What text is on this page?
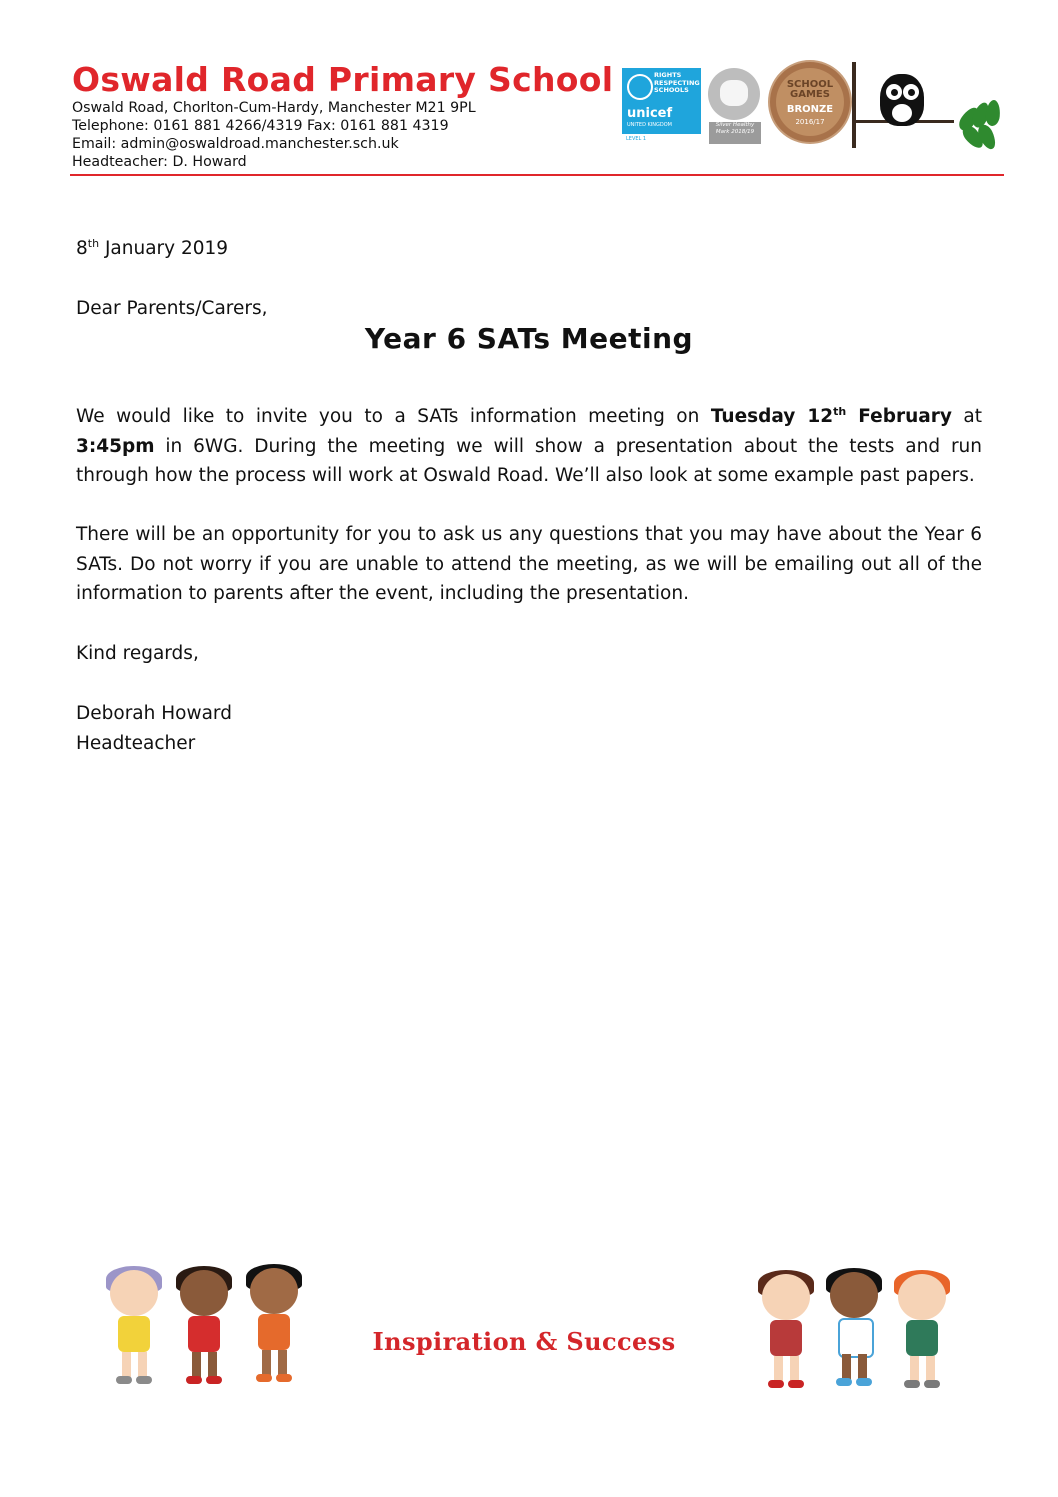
Oswald Road Primary School
Oswald Road, Chorlton-Cum-Hardy, Manchester M21 9PL
Telephone: 0161 881 4266/4319 Fax: 0161 881 4319
Email: admin@oswaldroad.manchester.sch.uk
Headteacher: D. Howard
RIGHTS RESPECTING SCHOOLS
unicef
UNITED KINGDOM
LEVEL 1
Silver Healthy Mark 2018/19
SCHOOL GAMES
BRONZE
2016/17
8th January 2019
Dear Parents/Carers,
Year 6 SATs Meeting
We would like to invite you to a SATs information meeting on Tuesday 12th February at 3:45pm in 6WG. During the meeting we will show a presentation about the tests and run through how the process will work at Oswald Road. We’ll also look at some example past papers.
There will be an opportunity for you to ask us any questions that you may have about the Year 6 SATs. Do not worry if you are unable to attend the meeting, as we will be emailing out all of the information to parents after the event, including the presentation.
Kind regards,
Deborah Howard
Headteacher
Inspiration & Success
